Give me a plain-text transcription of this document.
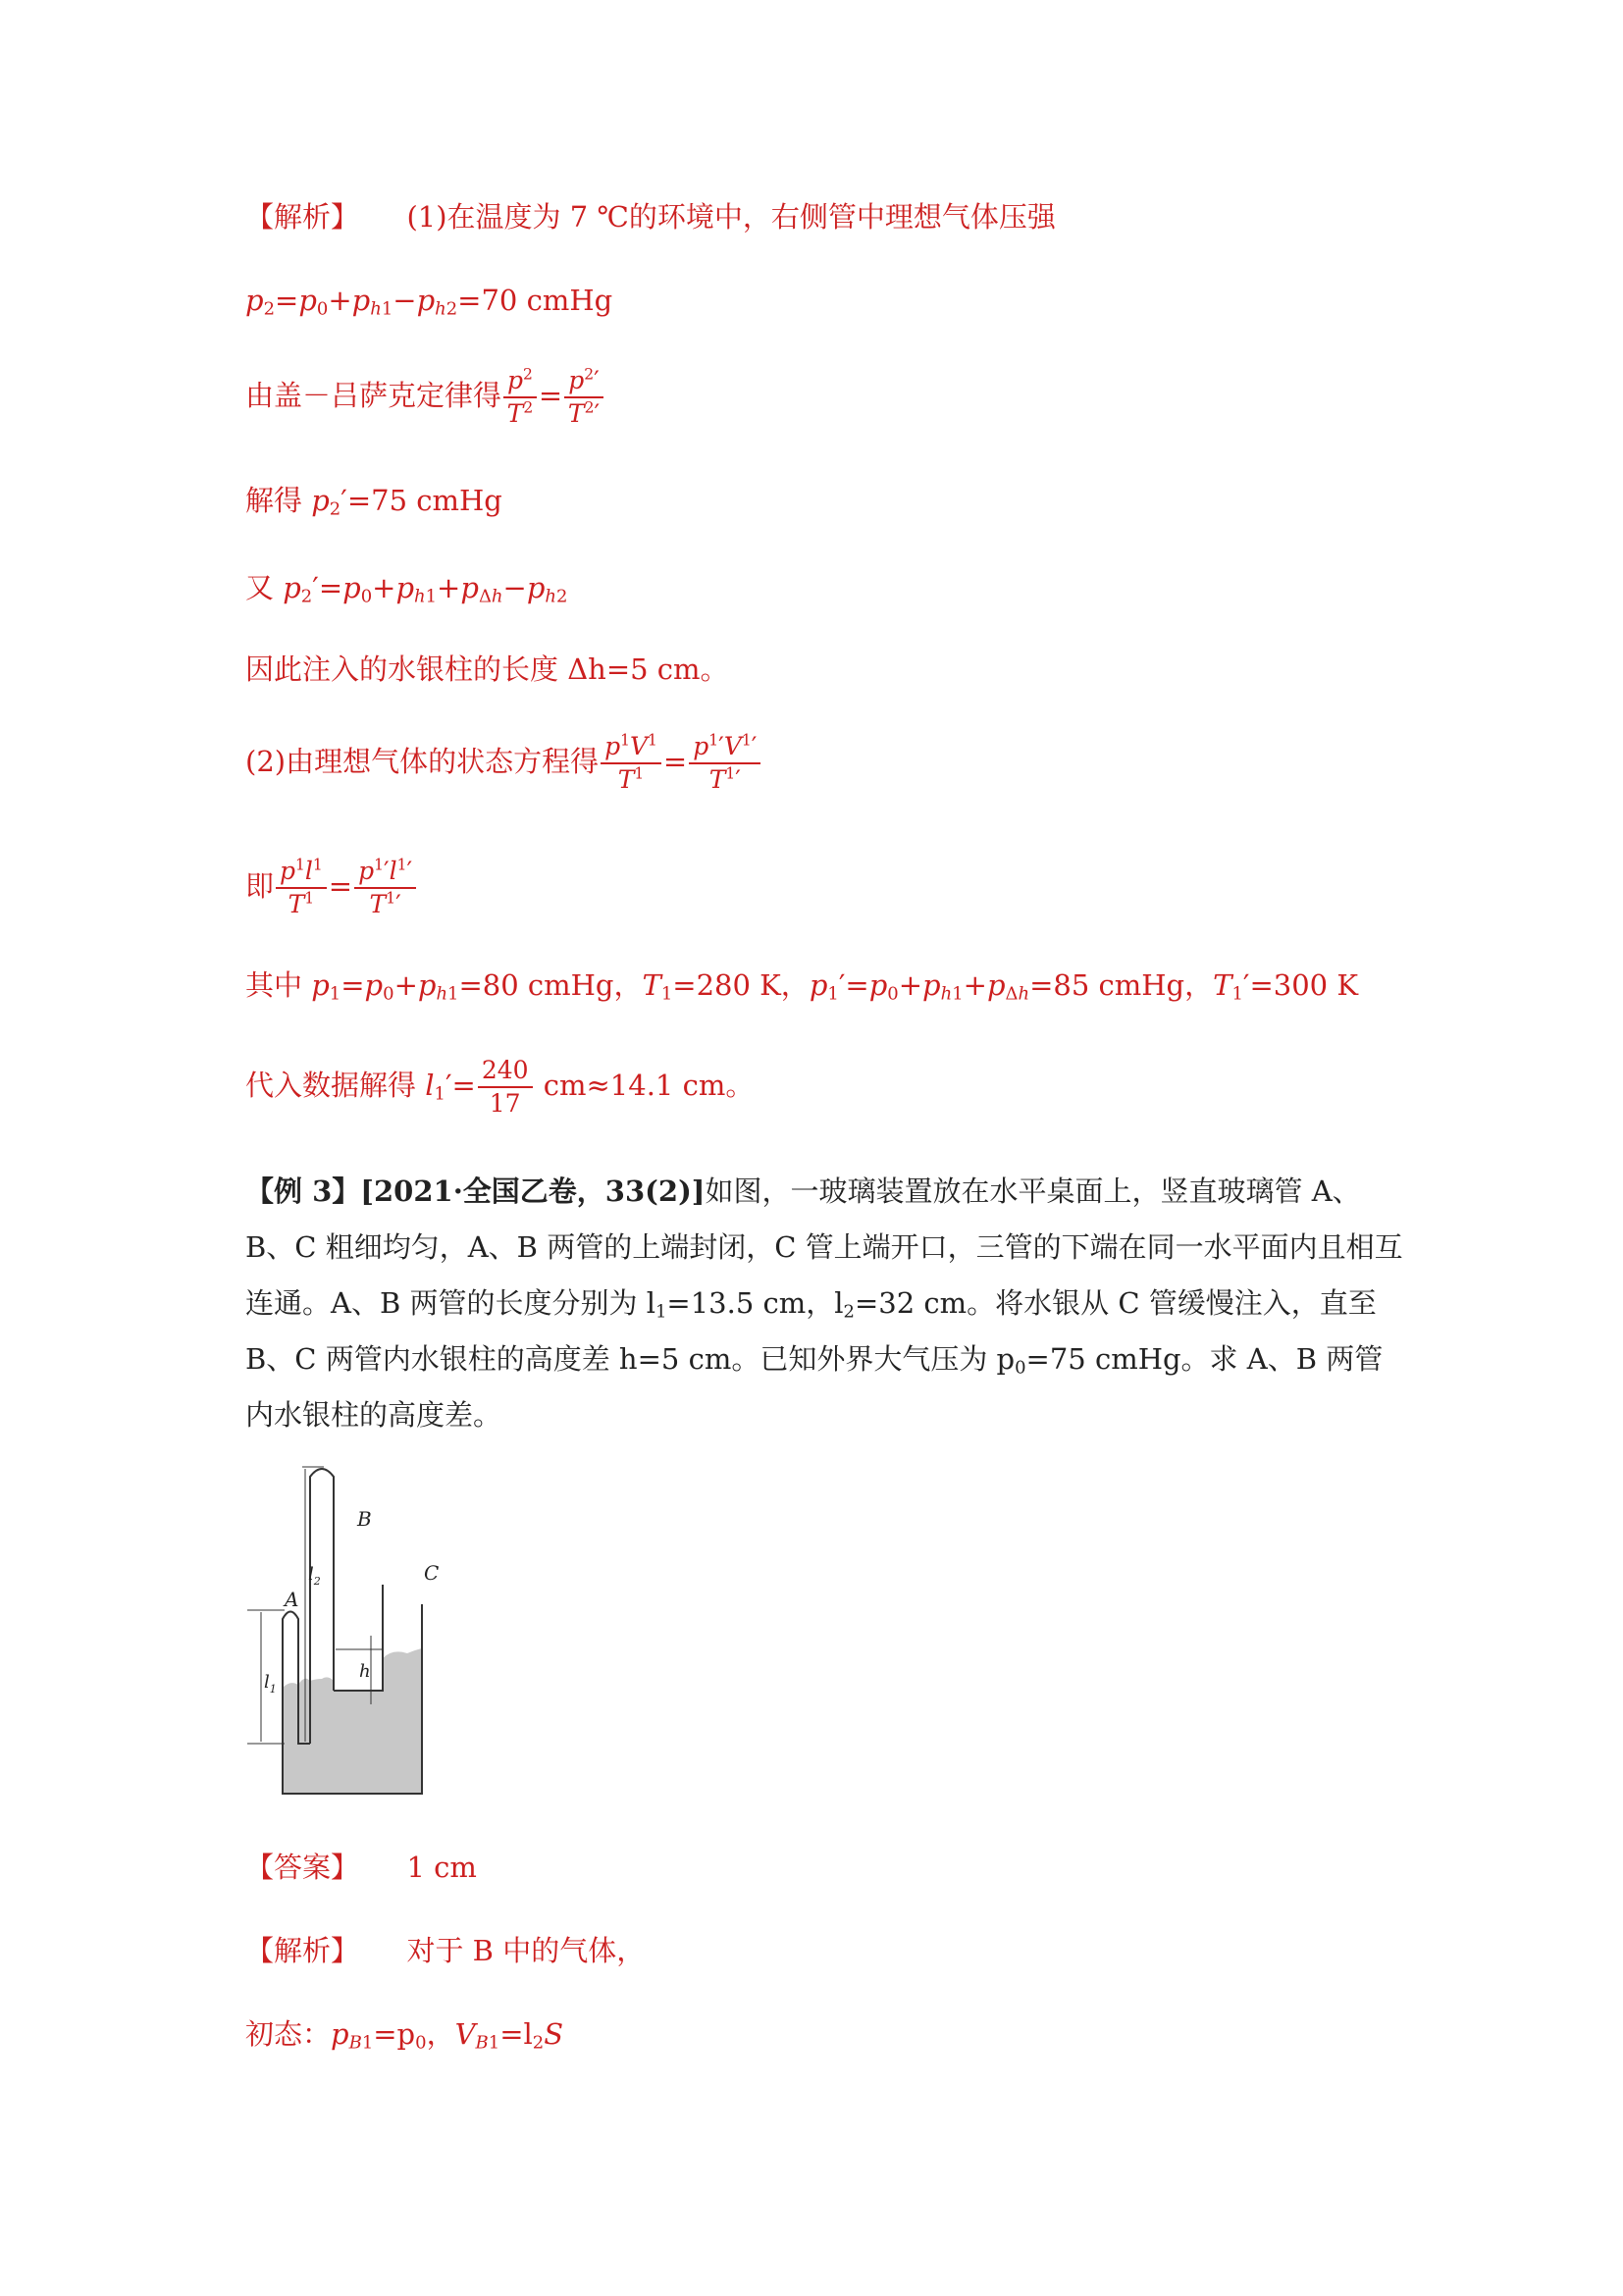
【解析】 (1)在温度为 7 ℃的环境中，右侧管中理想气体压强
$p_2=p_0+p_{h1}-p_{h2}=70$ cmHg
由盖－吕萨克定律得 $\frac{p^2}{T^2} = \frac{p^2'}{T^2'}$
解得 $p_2'=75$ cmHg
又 $p_2'=p_0+p_{h1}+p_{\Delta h}-p_{h2}$
因此注入的水银柱的长度 Δh=5 cm。
(2)由理想气体的状态方程得 $\frac{p^1V^1}{T^1} = \frac{p^1'V^1'}{T^1'}$
即 $\frac{p^1l^1}{T^1} = \frac{p^1'l^1'}{T^1'}$
其中 $p_1=p_0+p_{h1}=80$ cmHg，$T_1=280$ K，$p_1'=p_0+p_{h1}+p_{\Delta h}=85$ cmHg，$T_1'=300$ K
代入数据解得 $l_1'= \frac{240}{17} cm\approx 14.1$ cm。
【例 3】[2021·全国乙卷，33(2)]如图，一玻璃装置放在水平桌面上，竖直玻璃管 A、B、C 粗细均匀，A、B 两管的上端封闭，C 管上端开口，三管的下端在同一水平面内且相互连通。A、B 两管的长度分别为 $l_1=13.5$ cm，$l_2=32$ cm。将水银从 C 管缓慢注入，直至 B、C 两管内水银柱的高度差 h=5 cm。已知外界大气压为 $p_0=75$ cmHg。求 A、B 两管内水银柱的高度差。
A
B
C
$l_2$
$l_1$
h
【答案】 1 cm
【解析】 对于 B 中的气体，
初态：$p_{B1}=p_0$，$V_{B1}=l_2S$
